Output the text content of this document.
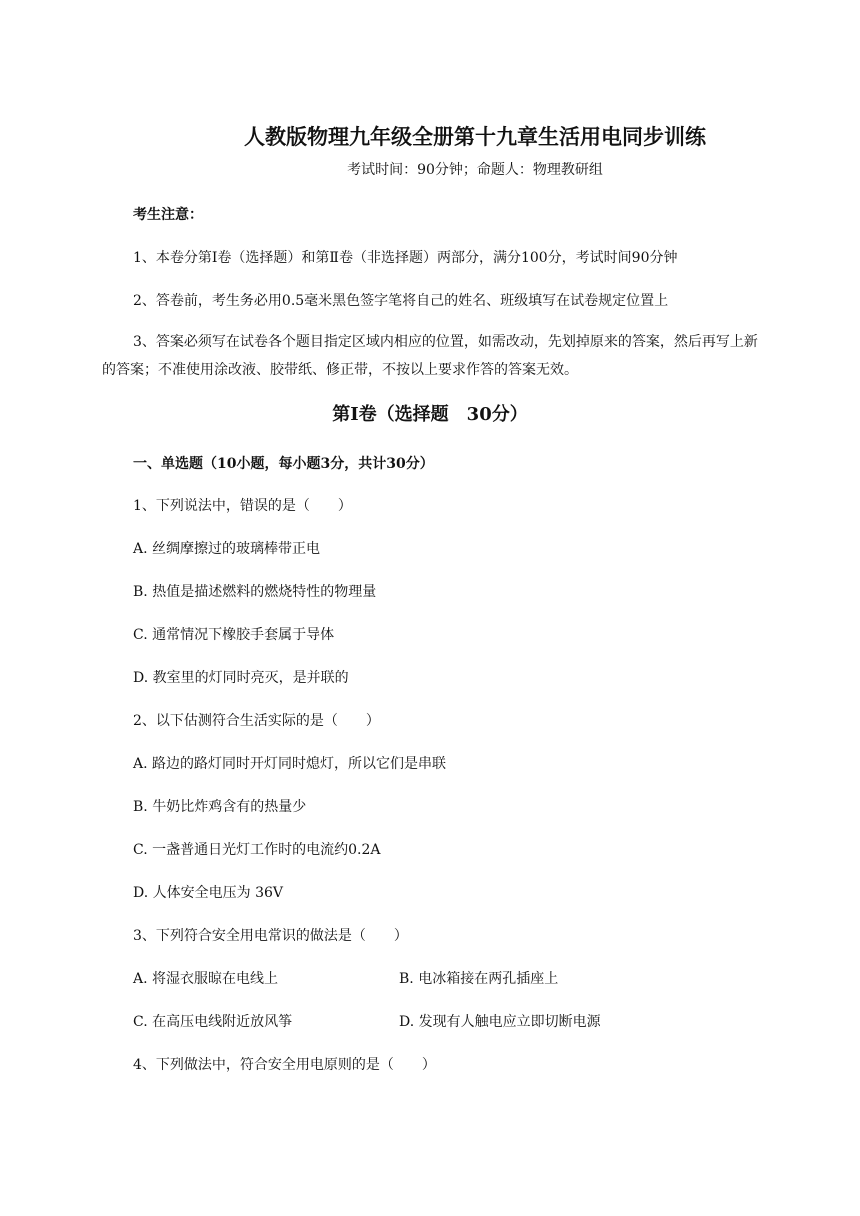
人教版物理九年级全册第十九章生活用电同步训练
考试时间：90分钟；命题人：物理教研组
考生注意：
1、本卷分第Ⅰ卷（选择题）和第Ⅱ卷（非选择题）两部分，满分100分，考试时间90分钟
2、答卷前，考生务必用0.5毫米黑色签字笔将自己的姓名、班级填写在试卷规定位置上
3、答案必须写在试卷各个题目指定区域内相应的位置，如需改动，先划掉原来的答案，然后再写上新的答案；不准使用涂改液、胶带纸、修正带，不按以上要求作答的答案无效。
第Ⅰ卷（选择题　30分）
一、单选题（10小题，每小题3分，共计30分）
1、下列说法中，错误的是（　　）
A. 丝绸摩擦过的玻璃棒带正电
B. 热值是描述燃料的燃烧特性的物理量
C. 通常情况下橡胶手套属于导体
D. 教室里的灯同时亮灭，是并联的
2、以下估测符合生活实际的是（　　）
A. 路边的路灯同时开灯同时熄灯，所以它们是串联
B. 牛奶比炸鸡含有的热量少
C. 一盏普通日光灯工作时的电流约0.2A
D. 人体安全电压为 36V
3、下列符合安全用电常识的做法是（　　）
A. 将湿衣服晾在电线上	B. 电冰箱接在两孔插座上
C. 在高压电线附近放风筝	D. 发现有人触电应立即切断电源
4、下列做法中，符合安全用电原则的是（　　）
